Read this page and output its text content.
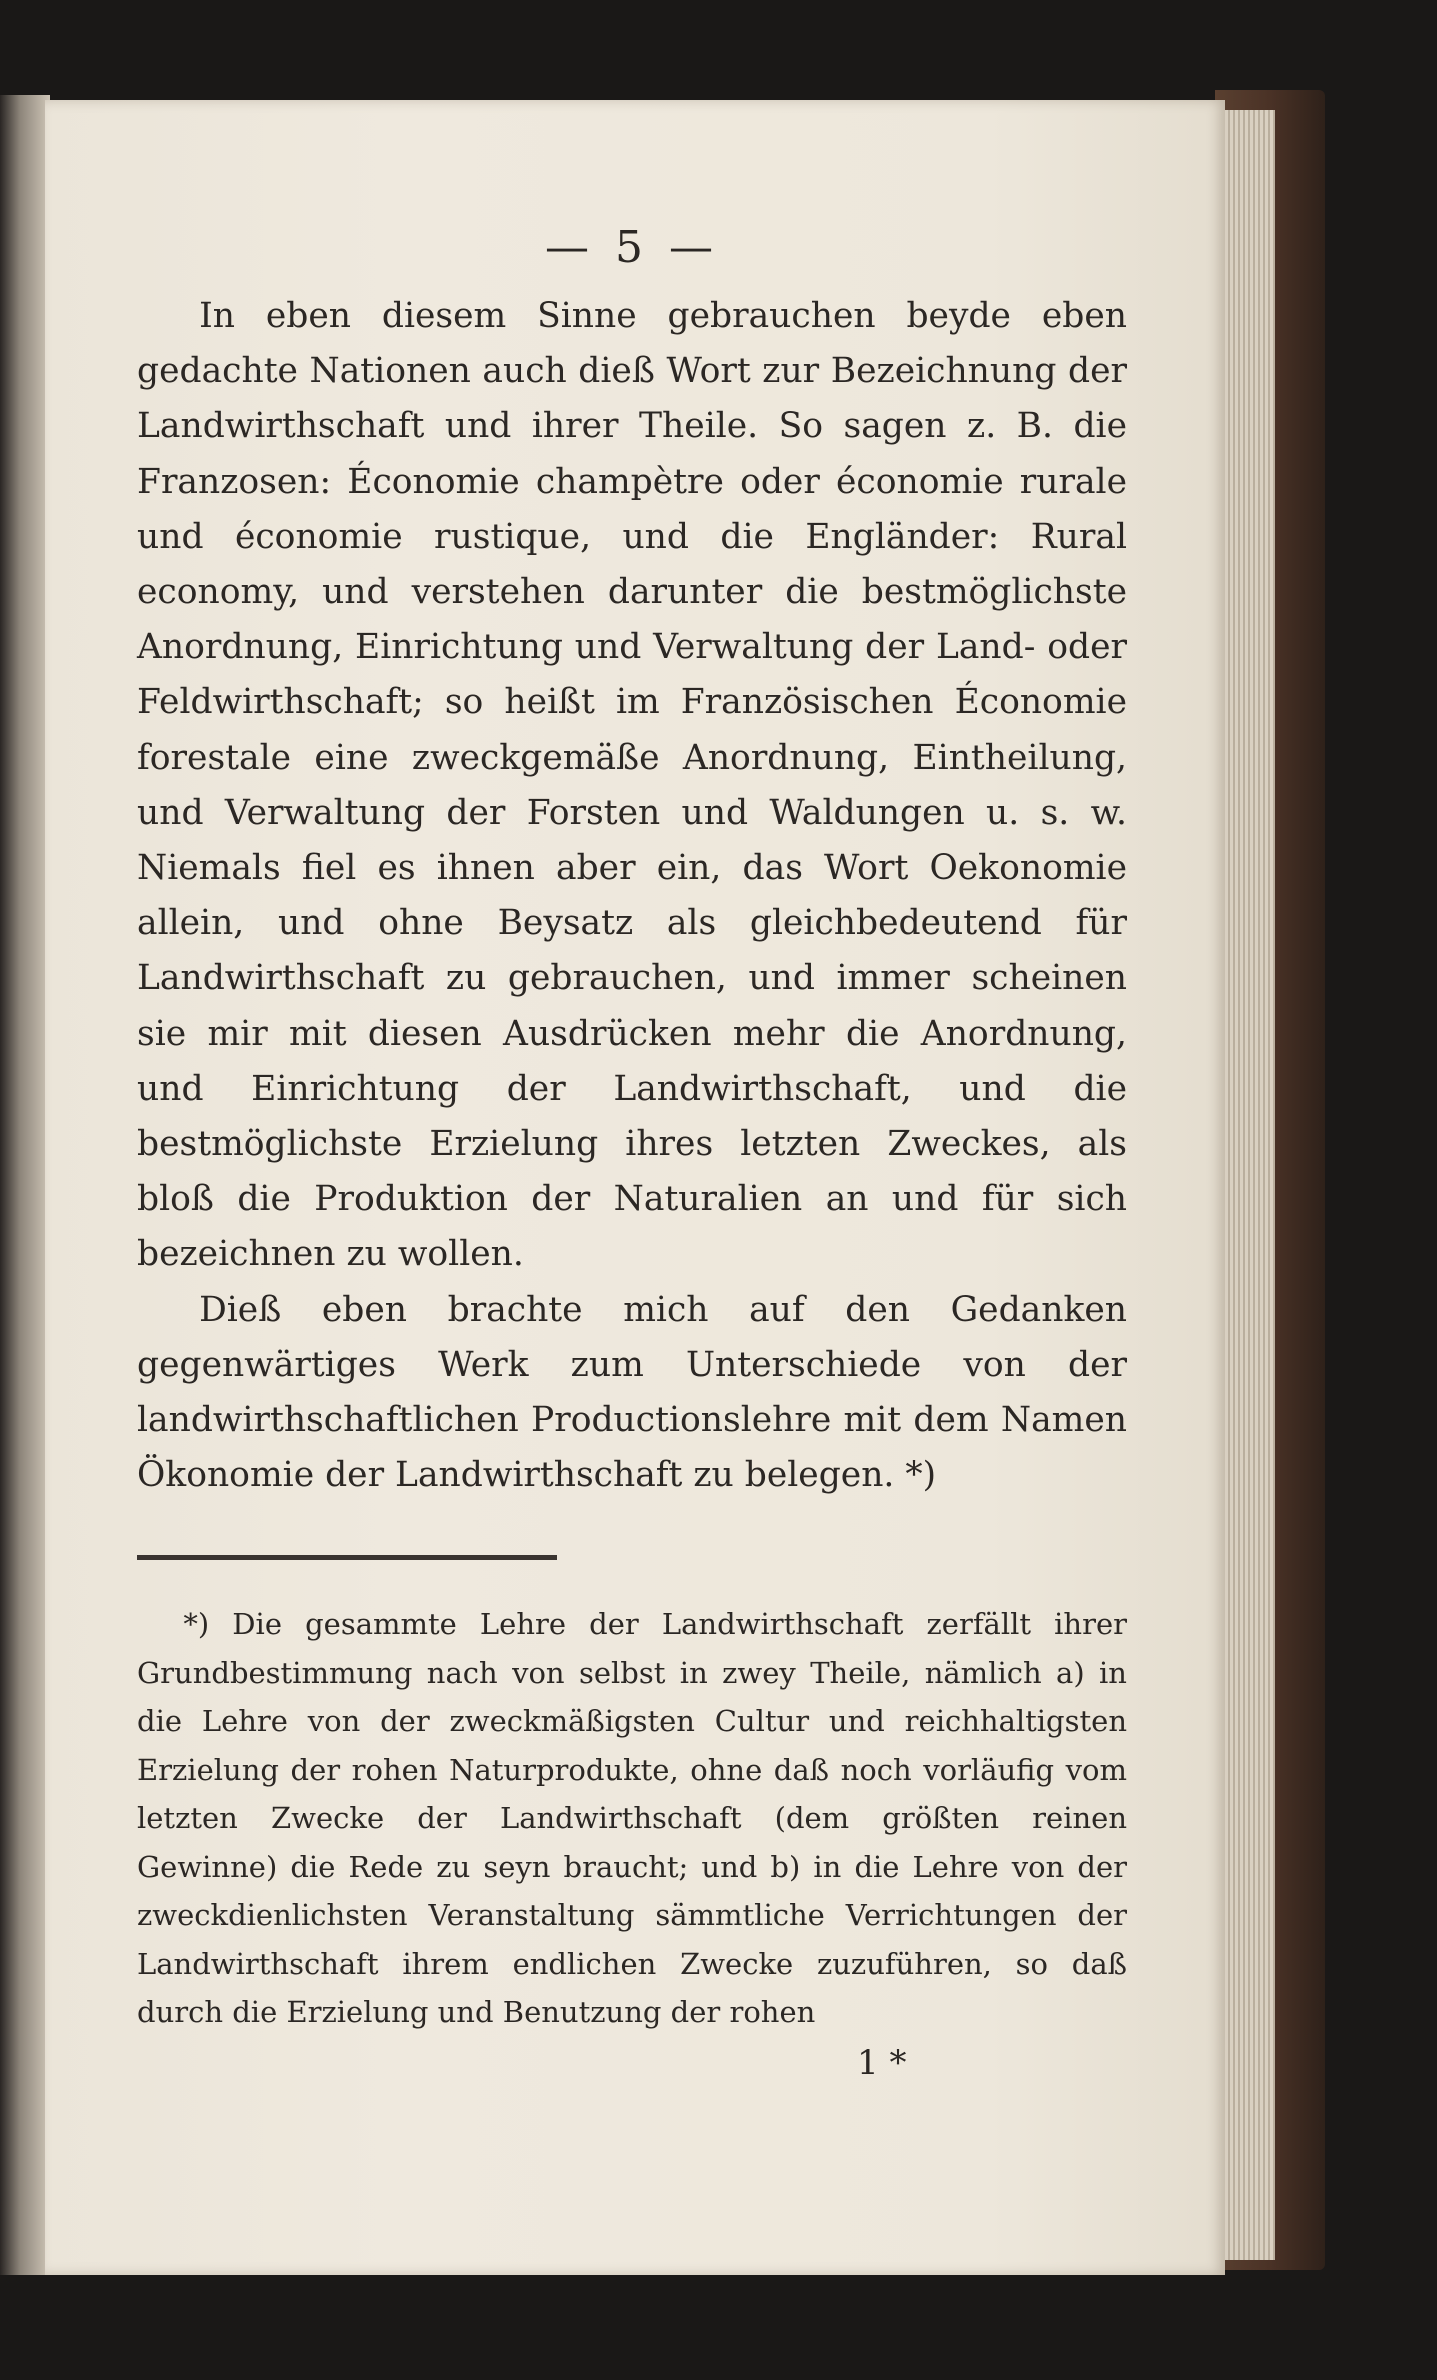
— 5 —

In eben diesem Sinne gebrauchen beyde eben gedachte Nationen auch dieß Wort zur Bezeichnung der Landwirthschaft und ihrer Theile. So sagen z. B. die Franzosen: Économie champètre oder économie rurale und économie rustique, und die Engländer: Rural economy, und verstehen darunter die bestmöglichste Anordnung, Einrichtung und Verwaltung der Land- oder Feldwirthschaft; so heißt im Französischen Économie forestale eine zweckgemäße Anordnung, Eintheilung, und Verwaltung der Forsten und Waldungen u. s. w. Niemals fiel es ihnen aber ein, das Wort Oekonomie allein, und ohne Beysatz als gleichbedeutend für Landwirthschaft zu gebrauchen, und immer scheinen sie mir mit diesen Ausdrücken mehr die Anordnung, und Einrichtung der Landwirthschaft, und die bestmöglichste Erzielung ihres letzten Zweckes, als bloß die Produktion der Naturalien an und für sich bezeichnen zu wollen.

Dieß eben brachte mich auf den Gedanken gegenwärtiges Werk zum Unterschiede von der landwirthschaftlichen Productionslehre mit dem Namen Ökonomie der Landwirthschaft zu belegen. *)

*) Die gesammte Lehre der Landwirthschaft zerfällt ihrer Grundbestimmung nach von selbst in zwey Theile, nämlich a) in die Lehre von der zweckmäßigsten Cultur und reichhaltigsten Erzielung der rohen Naturprodukte, ohne daß noch vorläufig vom letzten Zwecke der Landwirthschaft (dem größten reinen Gewinne) die Rede zu seyn braucht; und b) in die Lehre von der zweckdienlichsten Veranstaltung sämmtliche Verrichtungen der Landwirthschaft ihrem endlichen Zwecke zuzuführen, so daß durch die Erzielung und Benutzung der rohen

1 *
